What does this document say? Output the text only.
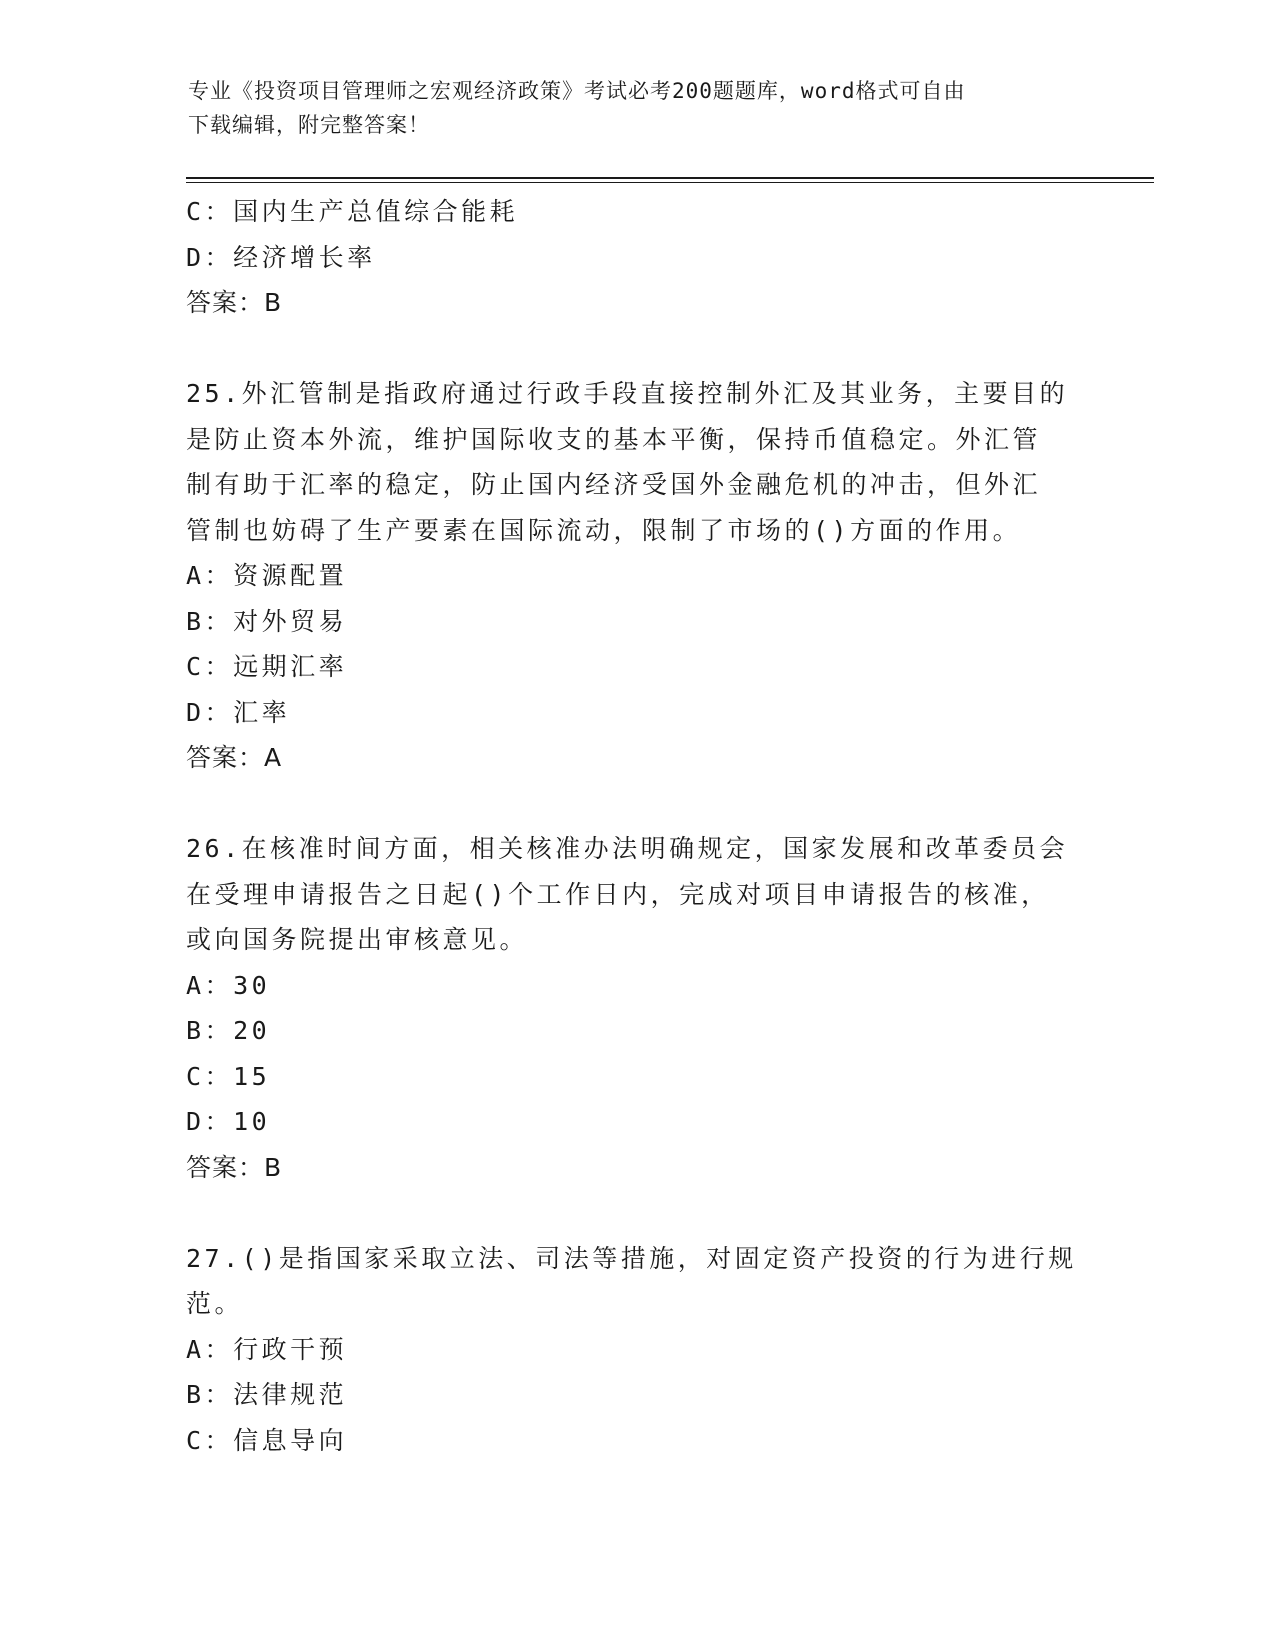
专业《投资项目管理师之宏观经济政策》考试必考200题题库，word格式可自由
下载编辑，附完整答案！
C：国内生产总值综合能耗
D：经济增长率
答案：B
25.外汇管制是指政府通过行政手段直接控制外汇及其业务，主要目的
是防止资本外流，维护国际收支的基本平衡，保持币值稳定。外汇管
制有助于汇率的稳定，防止国内经济受国外金融危机的冲击，但外汇
管制也妨碍了生产要素在国际流动，限制了市场的()方面的作用。
A：资源配置
B：对外贸易
C：远期汇率
D：汇率
答案：A
26.在核准时间方面，相关核准办法明确规定，国家发展和改革委员会
在受理申请报告之日起()个工作日内，完成对项目申请报告的核准，
或向国务院提出审核意见。
A：30
B：20
C：15
D：10
答案：B
27.()是指国家采取立法、司法等措施，对固定资产投资的行为进行规
范。
A：行政干预
B：法律规范
C：信息导向
